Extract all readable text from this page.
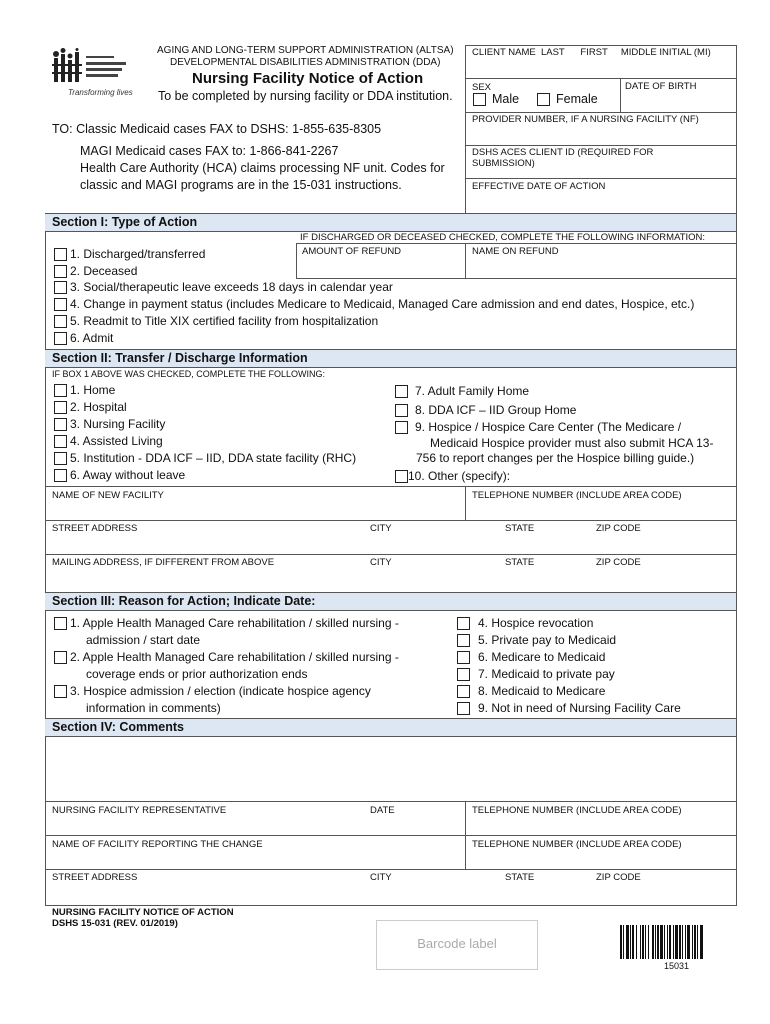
Transforming lives
AGING AND LONG-TERM SUPPORT ADMINISTRATION (ALTSA)
DEVELOPMENTAL DISABILITIES ADMINISTRATION (DDA)
Nursing Facility Notice of Action
To be completed by nursing facility or DDA institution.
CLIENT NAME  LAST      FIRST     MIDDLE INITIAL (MI)
SEX	DATE OF BIRTH
Male	Female
PROVIDER NUMBER, IF A NURSING FACILITY (NF)
DSHS ACES CLIENT ID (REQUIRED FOR
SUBMISSION)
EFFECTIVE DATE OF ACTION
TO: Classic Medicaid cases FAX to DSHS: 1-855-635-8305
MAGI Medicaid cases FAX to: 1-866-841-2267
Health Care Authority (HCA) claims processing NF unit. Codes for
classic and MAGI programs are in the 15-031 instructions.
Section I: Type of Action
IF DISCHARGED OR DECEASED CHECKED, COMPLETE THE FOLLOWING INFORMATION:
AMOUNT OF REFUND	NAME ON REFUND
1. Discharged/transferred
2. Deceased
3. Social/therapeutic leave exceeds 18 days in calendar year
4. Change in payment status (includes Medicare to Medicaid, Managed Care admission and end dates, Hospice, etc.)
5. Readmit to Title XIX certified facility from hospitalization
6. Admit
Section II: Transfer / Discharge Information
IF BOX 1 ABOVE WAS CHECKED, COMPLETE THE FOLLOWING:
1. Home
2. Hospital
3. Nursing Facility
4. Assisted Living
5. Institution - DDA ICF – IID, DDA state facility (RHC)
6. Away without leave
7. Adult Family Home
8. DDA ICF – IID Group Home
9. Hospice / Hospice Care Center (The Medicare /
Medicaid Hospice provider must also submit HCA 13-
756 to report changes per the Hospice billing guide.)
10. Other (specify):
NAME OF NEW FACILITY	TELEPHONE NUMBER (INCLUDE AREA CODE)
STREET ADDRESS	CITY	STATE	ZIP CODE
MAILING ADDRESS, IF DIFFERENT FROM ABOVE	CITY	STATE	ZIP CODE
Section III: Reason for Action; Indicate Date:
1. Apple Health Managed Care rehabilitation / skilled nursing -
admission / start date
2. Apple Health Managed Care rehabilitation / skilled nursing -
coverage ends or prior authorization ends
3. Hospice admission / election (indicate hospice agency
information in comments)
4. Hospice revocation
5. Private pay to Medicaid
6. Medicare to Medicaid
7. Medicaid to private pay
8. Medicaid to Medicare
9. Not in need of Nursing Facility Care
Section IV: Comments
NURSING FACILITY REPRESENTATIVE	DATE	TELEPHONE NUMBER (INCLUDE AREA CODE)
NAME OF FACILITY REPORTING THE CHANGE	TELEPHONE NUMBER (INCLUDE AREA CODE)
STREET ADDRESS	CITY	STATE	ZIP CODE
NURSING FACILITY NOTICE OF ACTION
DSHS 15-031 (REV. 01/2019)
Barcode label
15031
